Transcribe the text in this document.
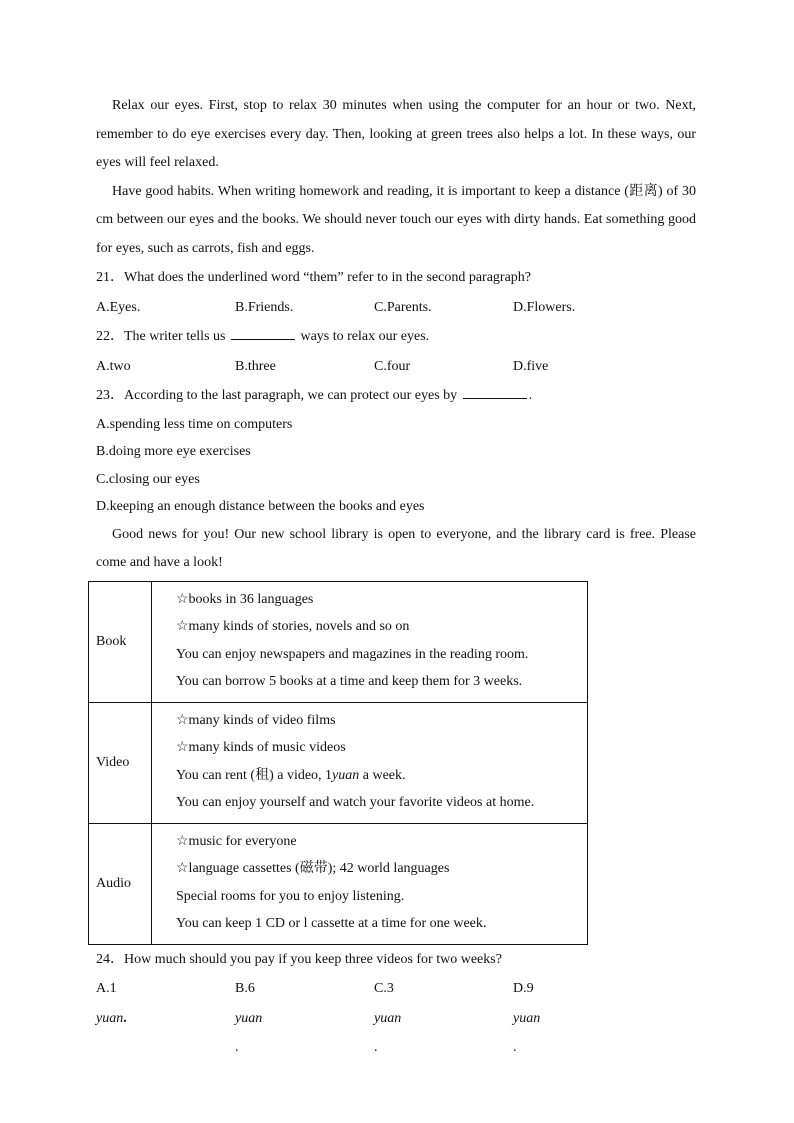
Relax our eyes. First, stop to relax 30 minutes when using the computer for an hour or two. Next, remember to do eye exercises every day. Then, looking at green trees also helps a lot. In these ways, our eyes will feel relaxed.

Have good habits. When writing homework and reading, it is important to keep a distance (距离) of 30 cm between our eyes and the books. We should never touch our eyes with dirty hands. Eat something good for eyes, such as carrots, fish and eggs.

21．What does the underlined word “them” refer to in the second paragraph?

A.Eyes.	B.Friends.	C.Parents.	D.Flowers.

22．The writer tells us	ways to relax our eyes.

A.two	B.three	C.four	D.five

23．According to the last paragraph, we can protect our eyes by	.

A.spending less time on computers

B.doing more eye exercises

C.closing our eyes

D.keeping an enough distance between the books and eyes

Good news for you! Our new school library is open to everyone, and the library card is free. Please come and have a look!

Book	☆books in 36 languages
☆many kinds of stories, novels and so on
You can enjoy newspapers and magazines in the reading room.
You can borrow 5 books at a time and keep them for 3 weeks.

Video	☆many kinds of video films
☆many kinds of music videos
You can rent (租) a video, 1yuan a week.
You can enjoy yourself and watch your favorite videos at home.

Audio	☆music for everyone
☆language cassettes (磁带); 42 world languages
Special rooms for you to enjoy listening.
You can keep 1 CD or l cassette at a time for one week.

24．How much should you pay if you keep three videos for two weeks?

A.1yuan.
B.6yuan.
C.3yuan.
D.9yuan.
